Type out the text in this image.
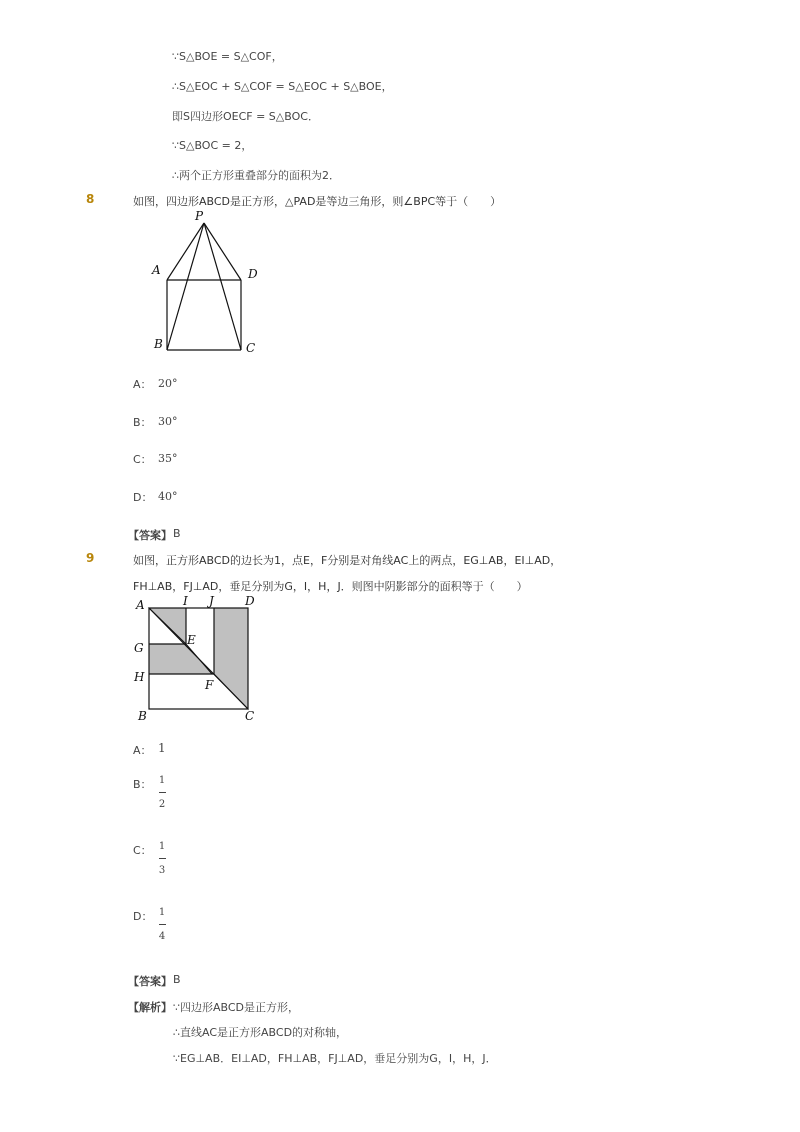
∵S△BOE = S△COF，
∴S△EOC + S△COF = S△EOC + S△BOE，
即S四边形OECF = S△BOC．
∵S△BOC = 2，
∴两个正方形重叠部分的面积为2．
8	如图，四边形ABCD是正方形，△PAD是等边三角形，则∠BPC等于（　　）
P
A	D
B	C
A： 20°
B： 30°
C： 35°
D： 40°
【答案】 B
9	如图，正方形ABCD的边长为1，点E，F分别是对角线AC上的两点，EG⊥AB，EI⊥AD，
FH⊥AB，FJ⊥AD，垂足分别为G，I，H，J．则图中阴影部分的面积等于（　　）
A	I J	D
G
E
H
F
B	C
A： 1
B： 1
2
C： 1
3
D： 1
4
【答案】 B
【解析】 ∵四边形ABCD是正方形，
∴直线AC是正方形ABCD的对称轴，
∵EG⊥AB．EI⊥AD，FH⊥AB，FJ⊥AD，垂足分别为G，I，H，J．
